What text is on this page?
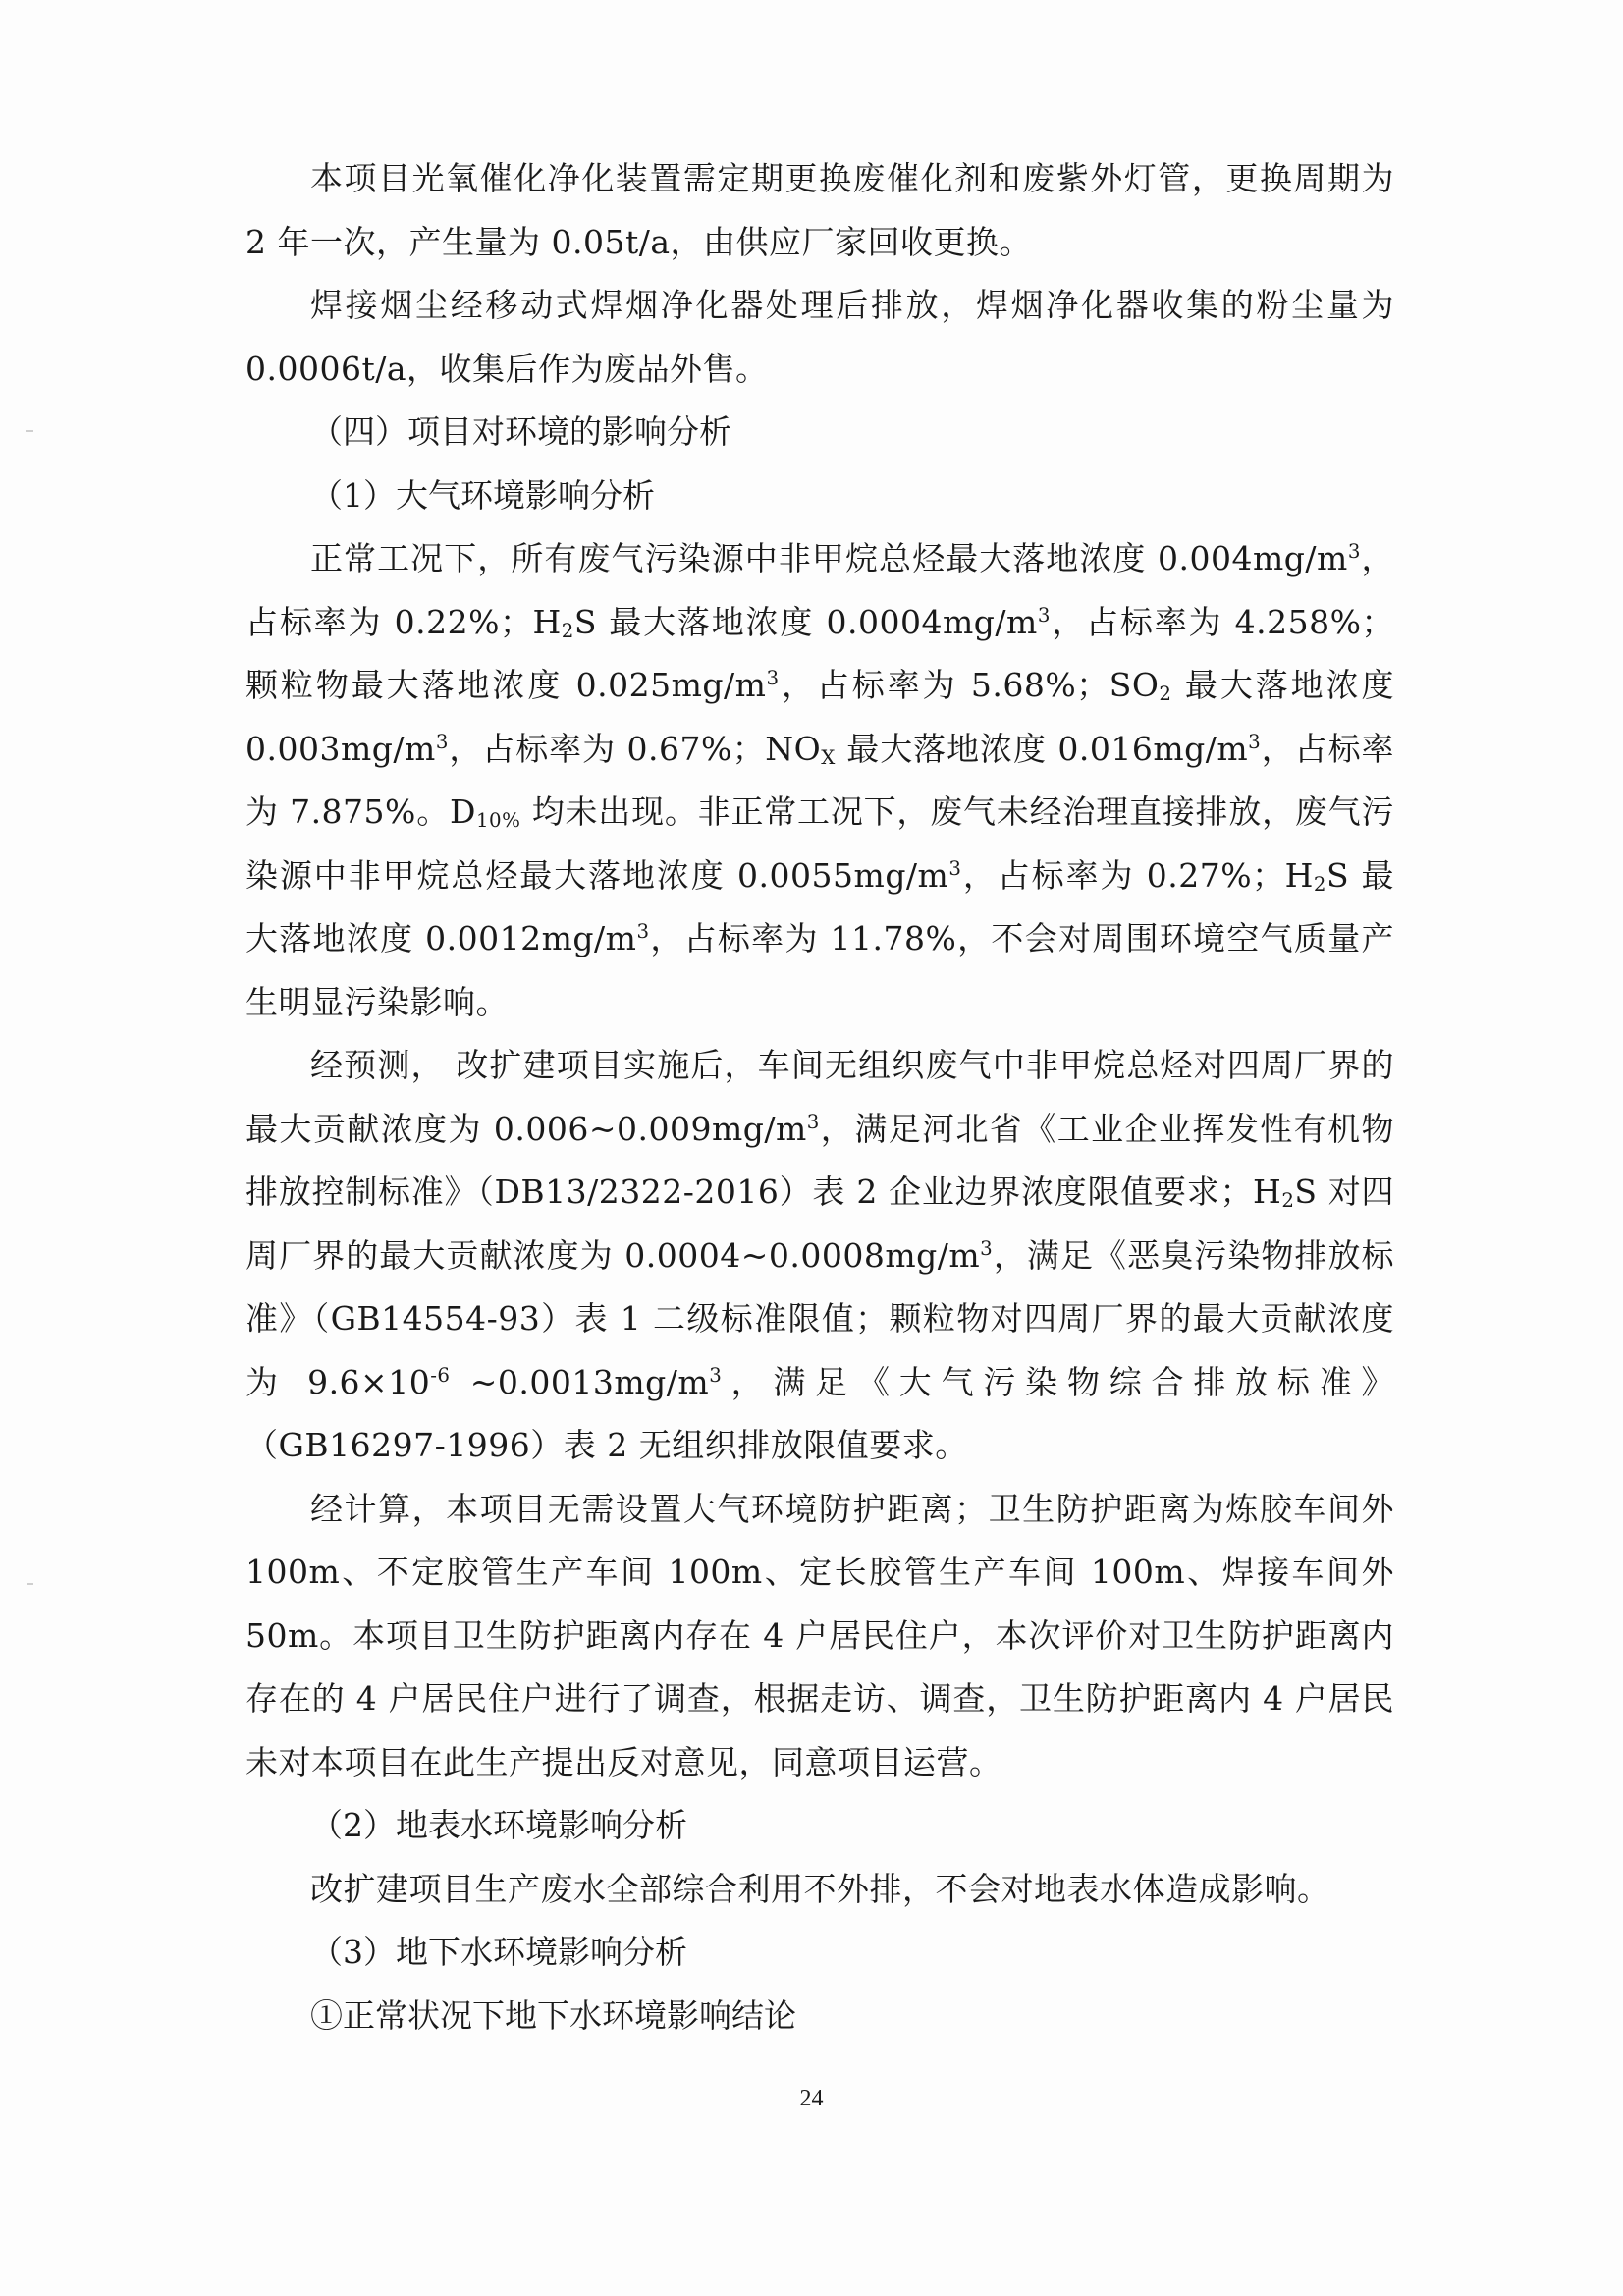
本项目光氧催化净化装置需定期更换废催化剂和废紫外灯管，更换周期为 2 年一次，产生量为 0.05t/a，由供应厂家回收更换。

焊接烟尘经移动式焊烟净化器处理后排放，焊烟净化器收集的粉尘量为 0.0006t/a，收集后作为废品外售。

（四）项目对环境的影响分析

（1）大气环境影响分析

正常工况下，所有废气污染源中非甲烷总烃最大落地浓度 $0.004mg/m^3$，占标率为 0.22%；$H_2S$ 最大落地浓度 $0.0004mg/m^3$，占标率为 4.258%；颗粒物最大落地浓度 $0.025mg/m^3$，占标率为 5.68%；$SO_2$ 最大落地浓度 $0.003mg/m^3$，占标率为 0.67%；$NO_X$ 最大落地浓度 $0.016mg/m^3$，占标率为 7.875%。$D_{10\%}$ 均未出现。非正常工况下，废气未经治理直接排放，废气污染源中非甲烷总烃最大落地浓度 $0.0055mg/m^3$，占标率为 0.27%；$H_2S$ 最大落地浓度 $0.0012mg/m^3$，占标率为 11.78%，不会对周围环境空气质量产生明显污染影响。

经预测， 改扩建项目实施后，车间无组织废气中非甲烷总烃对四周厂界的最大贡献浓度为 $0.006\sim 0.009mg/m^3$，满足河北省《工业企业挥发性有机物排放控制标准》（DB13/2322-2016）表 2 企业边界浓度限值要求；$H_2S$ 对四周厂界的最大贡献浓度为 $0.0004\sim 0.0008mg/m^3$，满足《恶臭污染物排放标准》（GB14554-93）表 1 二级标准限值；颗粒物对四周厂界的最大贡献浓度为 $9.6\times 10^{-6}$ $\sim 0.0013mg/m^3$，满足《大气污染物综合排放标准》（GB16297-1996）表 2 无组织排放限值要求。

经计算，本项目无需设置大气环境防护距离；卫生防护距离为炼胶车间外 100m、不定胶管生产车间 100m、定长胶管生产车间 100m、焊接车间外 50m。本项目卫生防护距离内存在 4 户居民住户，本次评价对卫生防护距离内存在的 4 户居民住户进行了调查，根据走访、调查，卫生防护距离内 4 户居民未对本项目在此生产提出反对意见，同意项目运营。

（2）地表水环境影响分析

改扩建项目生产废水全部综合利用不外排，不会对地表水体造成影响。

（3）地下水环境影响分析

①正常状况下地下水环境影响结论

24
